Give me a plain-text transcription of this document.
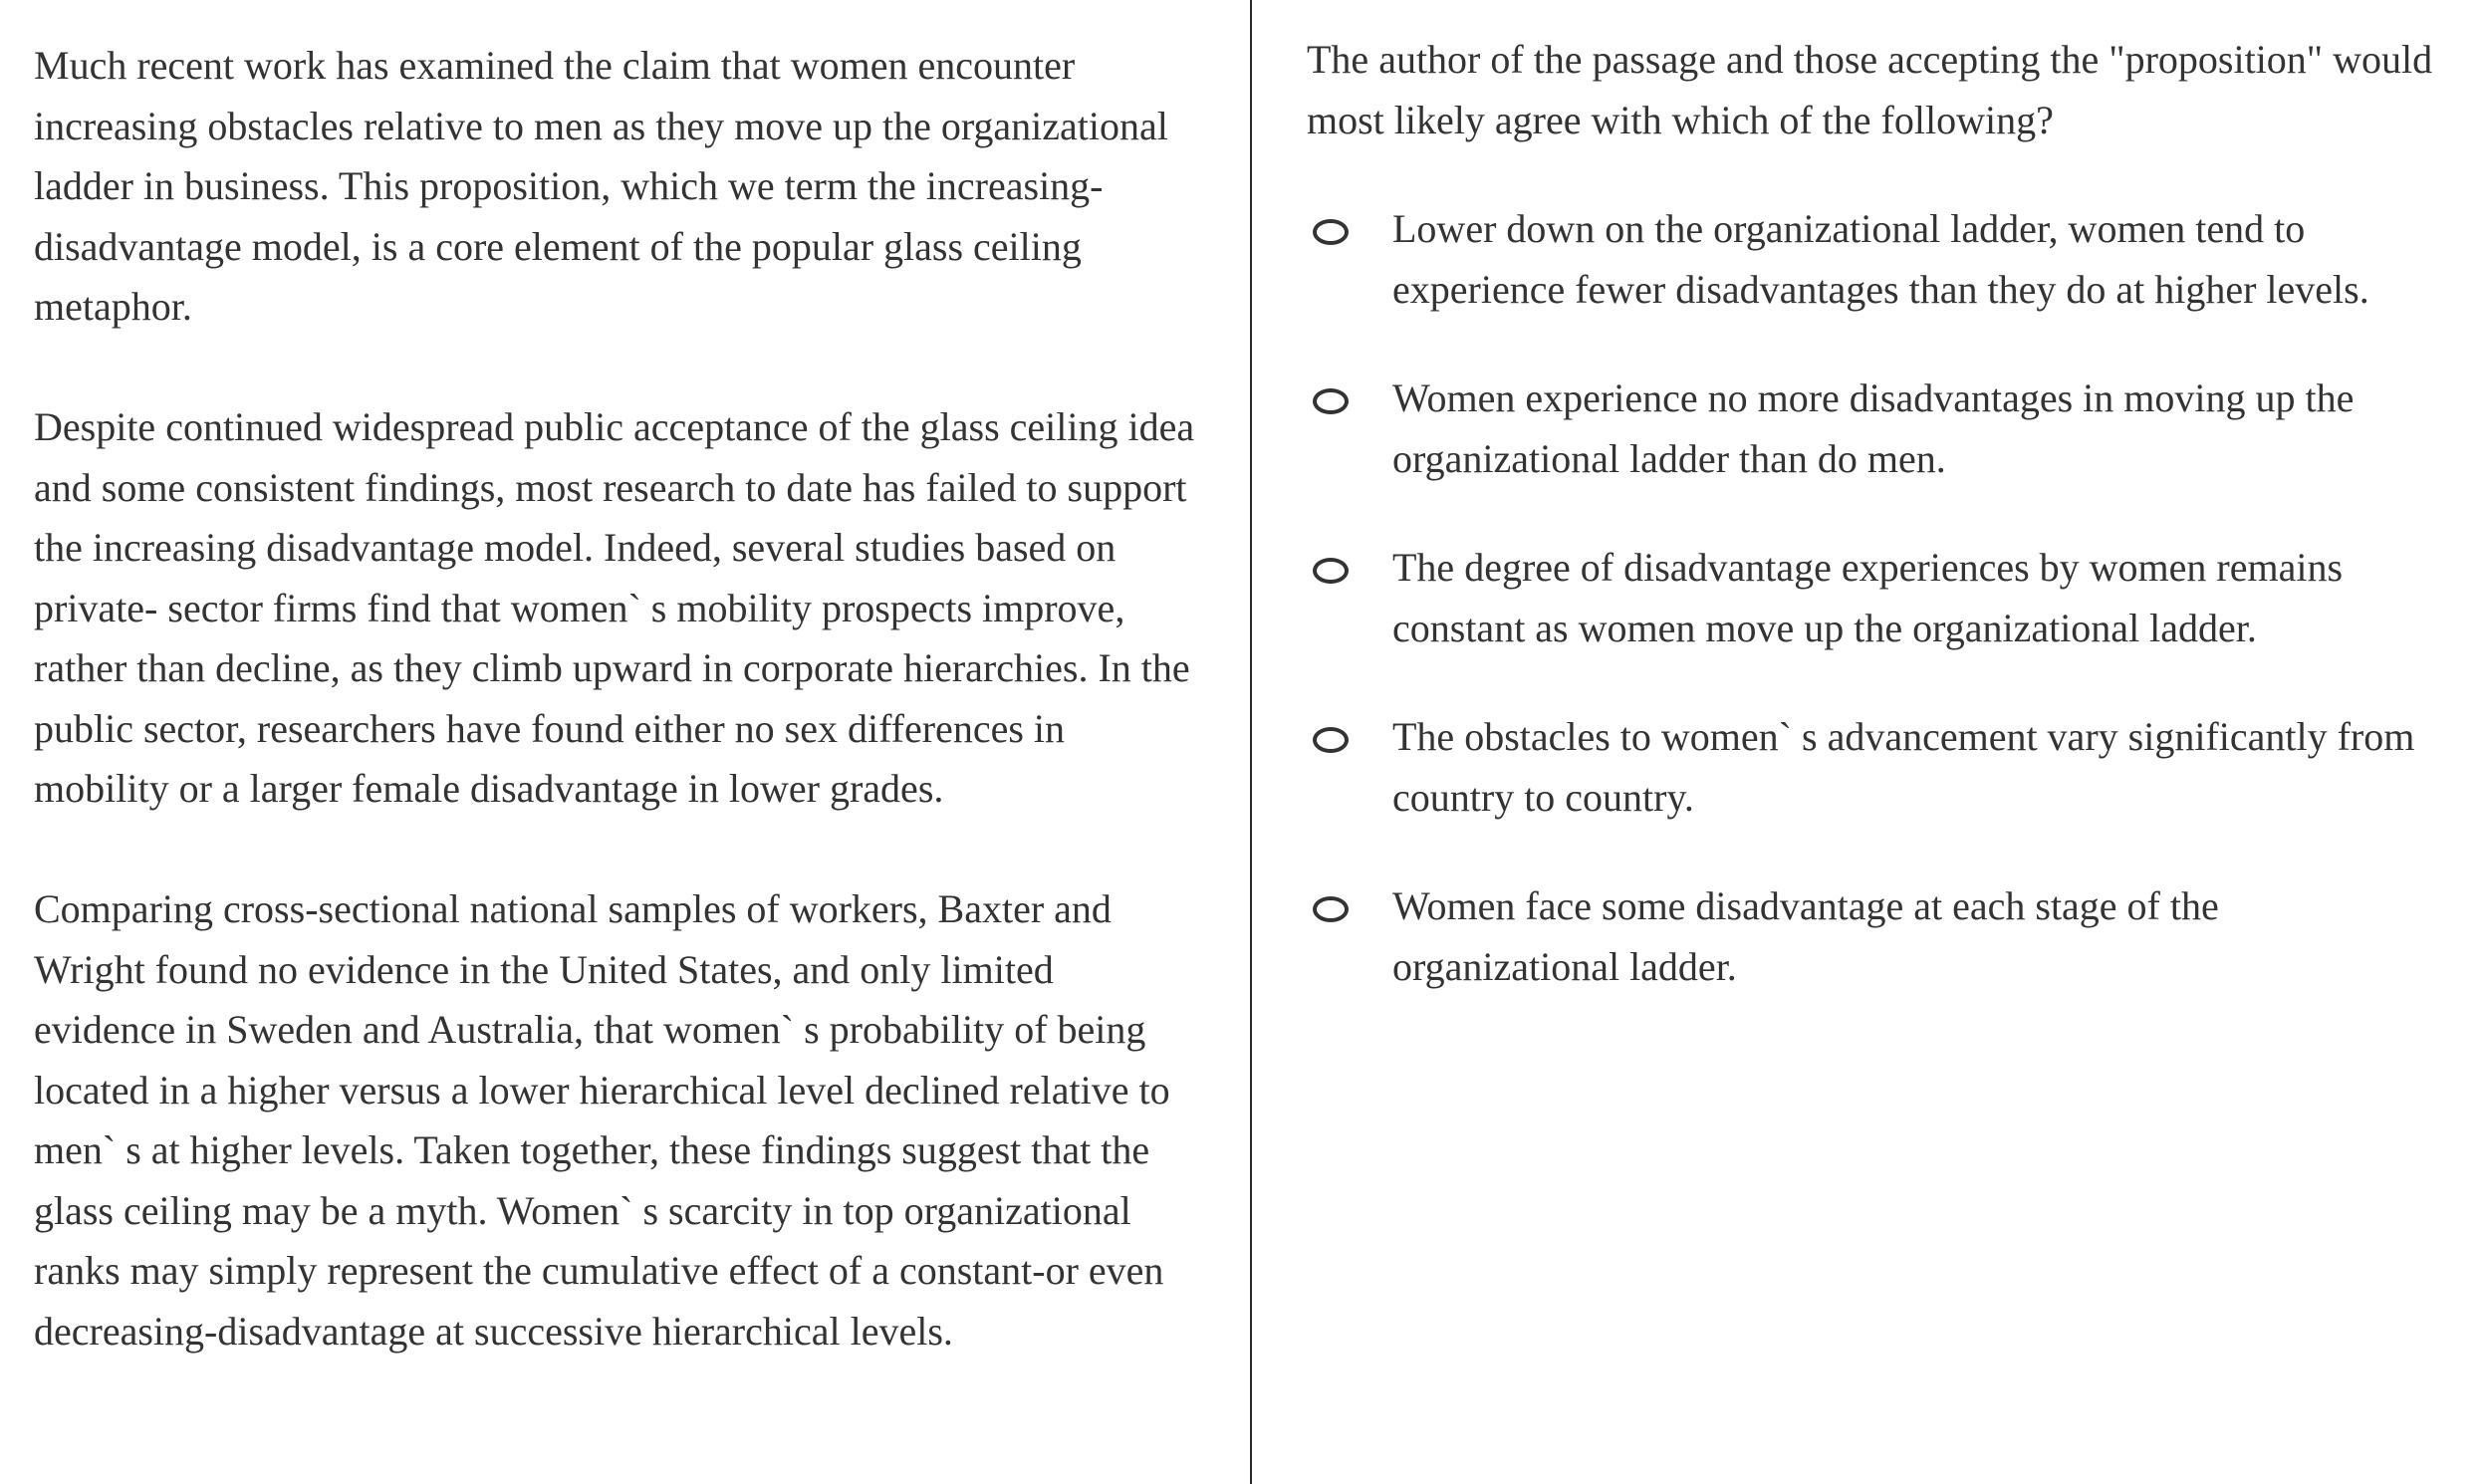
Much recent work has examined the claim that women encounter increasing obstacles relative to men as they move up the organizational ladder in business. This proposition, which we term the increasing-disadvantage model, is a core element of the popular glass ceiling metaphor.

Despite continued widespread public acceptance of the glass ceiling idea and some consistent findings, most research to date has failed to support the increasing disadvantage model. Indeed, several studies based on private- sector firms find that women` s mobility prospects improve, rather than decline, as they climb upward in corporate hierarchies. In the public sector, researchers have found either no sex differences in mobility or a larger female disadvantage in lower grades.

Comparing cross-sectional national samples of workers, Baxter and Wright found no evidence in the United States, and only limited evidence in Sweden and Australia, that women` s probability of being located in a higher versus a lower hierarchical level declined relative to men` s at higher levels. Taken together, these findings suggest that the glass ceiling may be a myth. Women` s scarcity in top organizational ranks may simply represent the cumulative effect of a constant-or even decreasing-disadvantage at successive hierarchical levels.

The author of the passage and those accepting the "proposition" would most likely agree with which of the following?

Lower down on the organizational ladder, women tend to experience fewer disadvantages than they do at higher levels.
Women experience no more disadvantages in moving up the organizational ladder than do men.
The degree of disadvantage experiences by women remains constant as women move up the organizational ladder.
The obstacles to women` s advancement vary significantly from country to country.
Women face some disadvantage at each stage of the organizational ladder.
